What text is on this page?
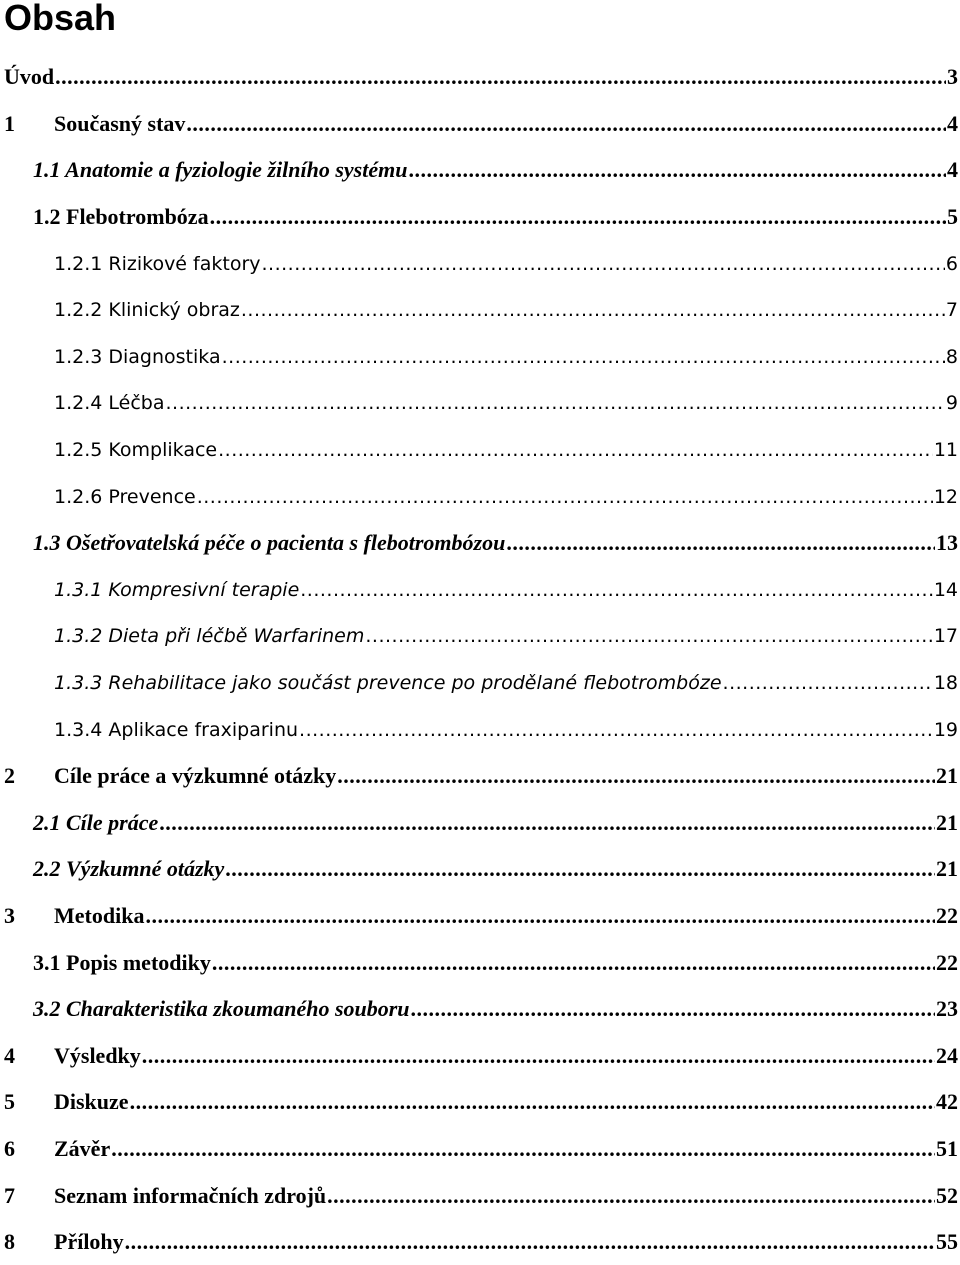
Obsah
Úvod .....	3
1	Současný stav .....	4
1.1 Anatomie a fyziologie žilního systému .....	4
1.2 Flebotrombóza .....	5
1.2.1 Rizikové faktory .....	6
1.2.2 Klinický obraz .....	7
1.2.3 Diagnostika .....	8
1.2.4 Léčba .....	9
1.2.5 Komplikace .....	11
1.2.6 Prevence .....	12
1.3 Ošetřovatelská péče o pacienta s flebotrombózou .....	13
1.3.1 Kompresivní terapie .....	14
1.3.2 Dieta při léčbě Warfarinem .....	17
1.3.3 Rehabilitace jako součást prevence po prodělané flebotrombóze .....	18
1.3.4 Aplikace fraxiparinu .....	19
2	Cíle práce a výzkumné otázky .....	21
2.1 Cíle práce .....	21
2.2 Výzkumné otázky .....	21
3	Metodika .....	22
3.1 Popis metodiky .....	22
3.2 Charakteristika zkoumaného souboru .....	23
4	Výsledky .....	24
5	Diskuze .....	42
6	Závěr .....	51
7	Seznam informačních zdrojů .....	52
8	Přílohy .....	55
